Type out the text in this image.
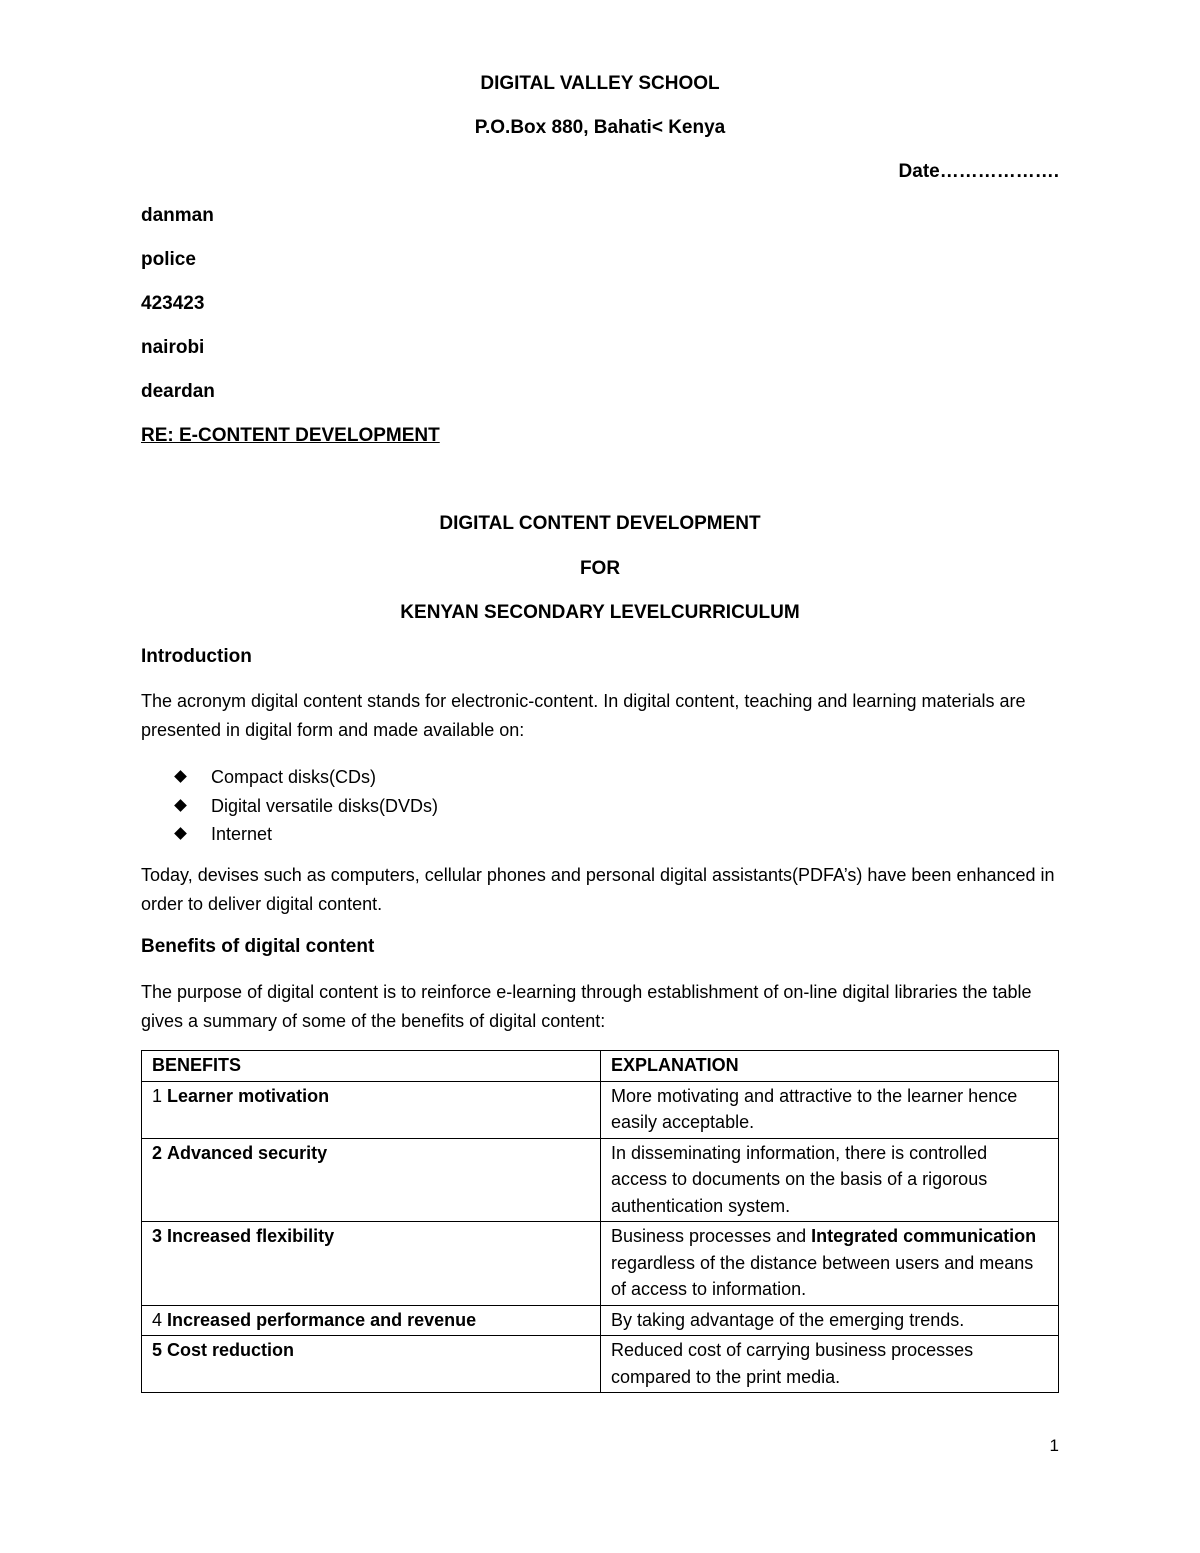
DIGITAL VALLEY SCHOOL
P.O.Box 880, Bahati< Kenya
Date……………….
danman
police
423423
nairobi
deardan
RE: E-CONTENT DEVELOPMENT
DIGITAL CONTENT DEVELOPMENT
FOR
KENYAN SECONDARY LEVELCURRICULUM
Introduction
The acronym digital content stands for electronic-content. In digital content, teaching and learning materials are presented in digital form and made available on:
Compact disks(CDs)
Digital versatile disks(DVDs)
Internet
Today, devises such as computers, cellular phones and personal digital assistants(PDFA’s) have been enhanced in order to deliver digital content.
Benefits of digital content
The purpose of digital content is to reinforce e-learning through establishment of on-line digital libraries the table gives a summary of some of the benefits of digital content:
BENEFITS	EXPLANATION
1 Learner motivation	More motivating and attractive to the learner hence easily acceptable.
2 Advanced security	In disseminating information, there is controlled access to documents on the basis of a rigorous authentication system.
3 Increased flexibility	Business processes and Integrated communication regardless of the distance between users and means of access to information.
4 Increased performance and revenue	By taking advantage of the emerging trends.
5 Cost reduction	Reduced cost of carrying business processes compared to the print media.
1
